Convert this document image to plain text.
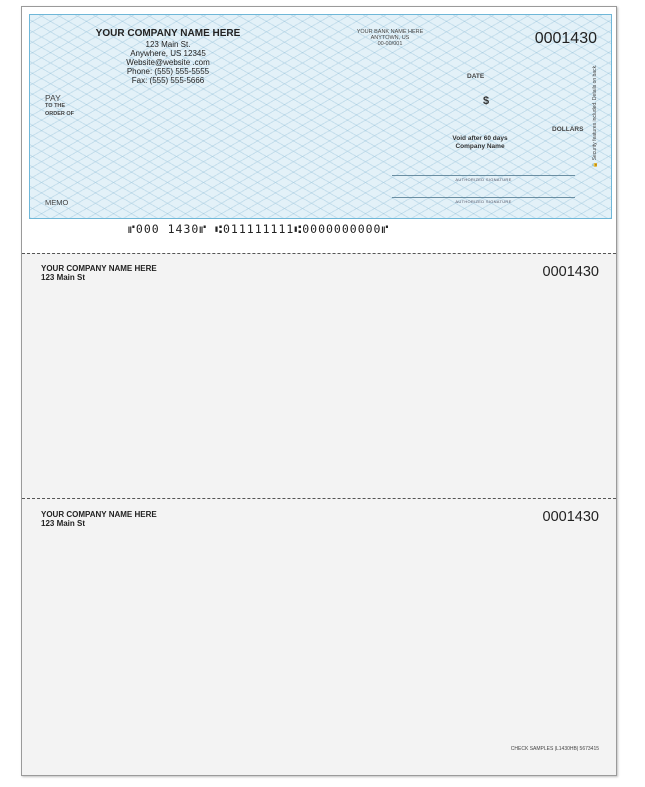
YOUR COMPANY NAME HERE
123 Main St.
Anywhere, US 12345
Website@website .com
Phone: (555) 555-5555
Fax: (555) 555-5666
YOUR BANK NAME HERE
ANYTOWN, US
00-00/001	0001430
DATE
$
PAY
TO THE
ORDER OF
DOLLARS
🔒 Security features included. Details on back.
Void after 60 days
Company Name
AUTHORIZED SIGNATURE
AUTHORIZED SIGNATURE
MEMO
⑈000 1430⑈ ⑆011111111⑆0000000000⑈
YOUR COMPANY NAME HERE
123 Main St	0001430
YOUR COMPANY NAME HERE
123 Main St	0001430
CHECK SAMPLES |L1430HB| 5673415
